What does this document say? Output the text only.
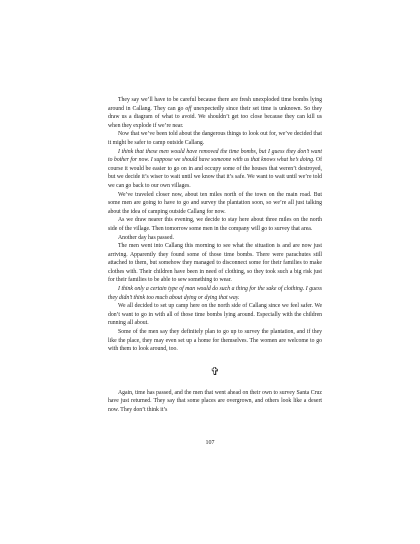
They say we’ll have to be careful because there are fresh unexploded time bombs lying around in Callang. They can go off unexpectedly since their set time is unknown. So they draw us a diagram of what to avoid. We shouldn’t get too close because they can kill us when they explode if we’re near.

Now that we’ve been told about the dangerous things to look out for, we’ve decided that it might be safer to camp outside Callang.

I think that these men would have removed the time bombs, but I guess they don’t want to bother for now. I suppose we should have someone with us that knows what he’s doing. Of course it would be easier to go on in and occupy some of the houses that weren’t destroyed, but we decide it’s wiser to wait until we know that it’s safe. We want to wait until we’re told we can go back to our own villages.

We’ve traveled closer now, about ten miles north of the town on the main road. But some men are going to have to go and survey the plantation soon, so we’re all just talking about the idea of camping outside Callang for now.

As we draw nearer this evening, we decide to stay here about three miles on the north side of the village. Then tomorrow some men in the company will go to survey that area.

Another day has passed.

The men went into Callang this morning to see what the situation is and are now just arriving. Apparently they found some of those time bombs. There were parachutes still attached to them, but somehow they managed to disconnect some for their families to make clothes with. Their children have been in need of clothing, so they took such a big risk just for their families to be able to sew something to wear.

I think only a certain type of man would do such a thing for the sake of clothing. I guess they didn’t think too much about dying or dying that way.

We all decided to set up camp here on the north side of Callang since we feel safer. We don’t want to go in with all of those time bombs lying around. Especially with the children running all about.

Some of the men say they definitely plan to go up to survey the plantation, and if they like the place, they may even set up a home for themselves. The women are welcome to go with them to look around, too.

✞

Again, time has passed, and the men that went ahead on their own to survey Santa Cruz have just returned. They say that some places are overgrown, and others look like a desert now. They don’t think it’s

107
